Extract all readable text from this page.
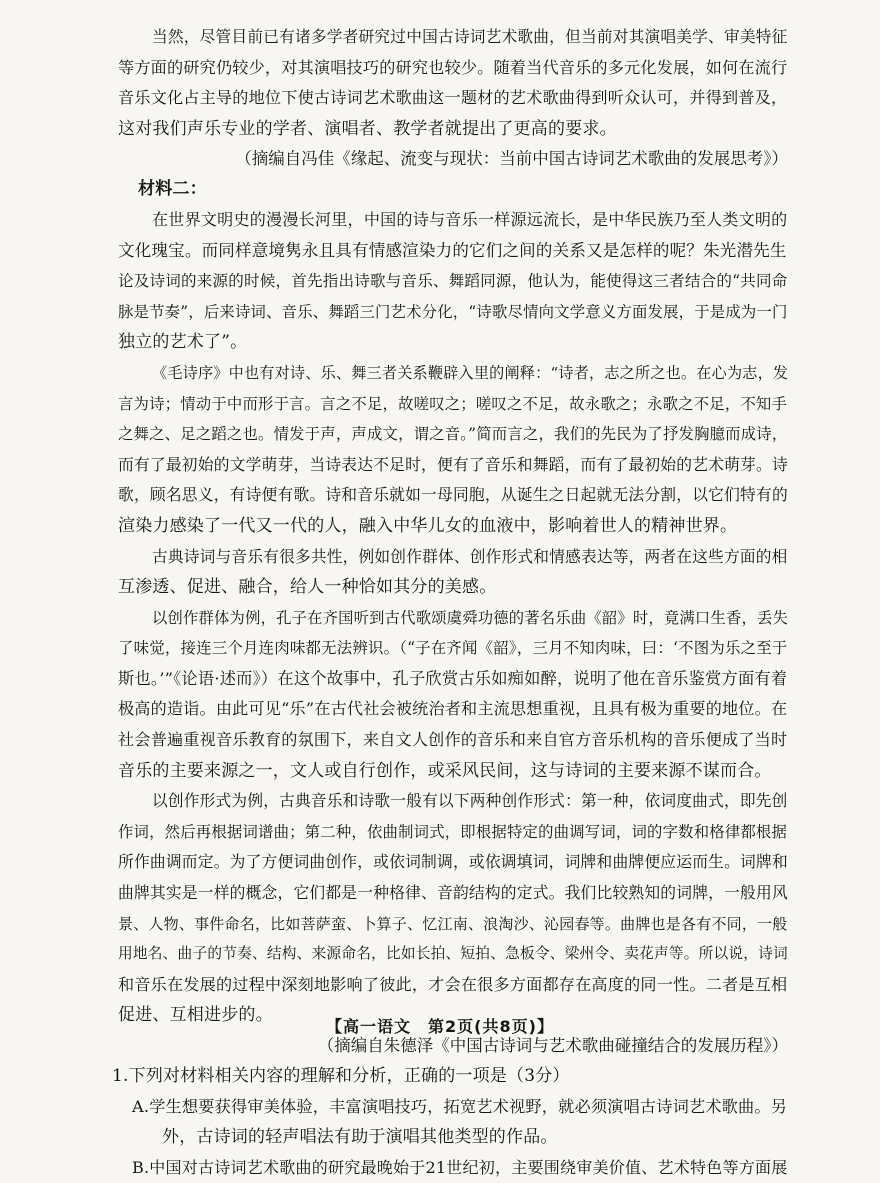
当然，尽管目前已有诸多学者研究过中国古诗词艺术歌曲，但当前对其演唱美学、审美特征
等方面的研究仍较少，对其演唱技巧的研究也较少。随着当代音乐的多元化发展，如何在流行
音乐文化占主导的地位下使古诗词艺术歌曲这一题材的艺术歌曲得到听众认可，并得到普及，
这对我们声乐专业的学者、演唱者、教学者就提出了更高的要求。
（摘编自冯佳《缘起、流变与现状：当前中国古诗词艺术歌曲的发展思考》）
材料二：
在世界文明史的漫漫长河里，中国的诗与音乐一样源远流长，是中华民族乃至人类文明的
文化瑰宝。而同样意境隽永且具有情感渲染力的它们之间的关系又是怎样的呢？朱光潜先生
论及诗词的来源的时候，首先指出诗歌与音乐、舞蹈同源，他认为，能使得这三者结合的“共同命
脉是节奏”，后来诗词、音乐、舞蹈三门艺术分化，“诗歌尽情向文学意义方面发展，于是成为一门
独立的艺术了”。
《毛诗序》中也有对诗、乐、舞三者关系鞭辟入里的阐释：“诗者，志之所之也。在心为志，发
言为诗；情动于中而形于言。言之不足，故嗟叹之；嗟叹之不足，故永歌之；永歌之不足，不知手
之舞之、足之蹈之也。情发于声，声成文，谓之音。”简而言之，我们的先民为了抒发胸臆而成诗，
而有了最初始的文学萌芽，当诗表达不足时，便有了音乐和舞蹈，而有了最初始的艺术萌芽。诗
歌，顾名思义，有诗便有歌。诗和音乐就如一母同胞，从诞生之日起就无法分割，以它们特有的
渲染力感染了一代又一代的人，融入中华儿女的血液中，影响着世人的精神世界。
古典诗词与音乐有很多共性，例如创作群体、创作形式和情感表达等，两者在这些方面的相
互渗透、促进、融合，给人一种恰如其分的美感。
以创作群体为例，孔子在齐国听到古代歌颂虞舜功德的著名乐曲《韶》时，竟满口生香，丢失
了味觉，接连三个月连肉味都无法辨识。（“子在齐闻《韶》，三月不知肉味，曰：‘不图为乐之至于
斯也。’”《论语·述而》）在这个故事中，孔子欣赏古乐如痴如醉，说明了他在音乐鉴赏方面有着
极高的造诣。由此可见“乐”在古代社会被统治者和主流思想重视，且具有极为重要的地位。在
社会普遍重视音乐教育的氛围下，来自文人创作的音乐和来自官方音乐机构的音乐便成了当时
音乐的主要来源之一，文人或自行创作，或采风民间，这与诗词的主要来源不谋而合。
以创作形式为例，古典音乐和诗歌一般有以下两种创作形式：第一种，依词度曲式，即先创
作词，然后再根据词谱曲；第二种，依曲制词式，即根据特定的曲调写词，词的字数和格律都根据
所作曲调而定。为了方便词曲创作，或依词制调，或依调填词，词牌和曲牌便应运而生。词牌和
曲牌其实是一样的概念，它们都是一种格律、音韵结构的定式。我们比较熟知的词牌，一般用风
景、人物、事件命名，比如菩萨蛮、卜算子、忆江南、浪淘沙、沁园春等。曲牌也是各有不同，一般
用地名、曲子的节奏、结构、来源命名，比如长拍、短拍、急板令、梁州令、卖花声等。所以说，诗词
和音乐在发展的过程中深刻地影响了彼此，才会在很多方面都存在高度的同一性。二者是互相
促进、互相进步的。
（摘编自朱德泽《中国古诗词与艺术歌曲碰撞结合的发展历程》）
1.下列对材料相关内容的理解和分析，正确的一项是（3分）
A.学生想要获得审美体验，丰富演唱技巧，拓宽艺术视野，就必须演唱古诗词艺术歌曲。另
外，古诗词的轻声唱法有助于演唱其他类型的作品。
B.中国对古诗词艺术歌曲的研究最晚始于21世纪初，主要围绕审美价值、艺术特色等方面展
【高一语文　第2页(共8页)】
